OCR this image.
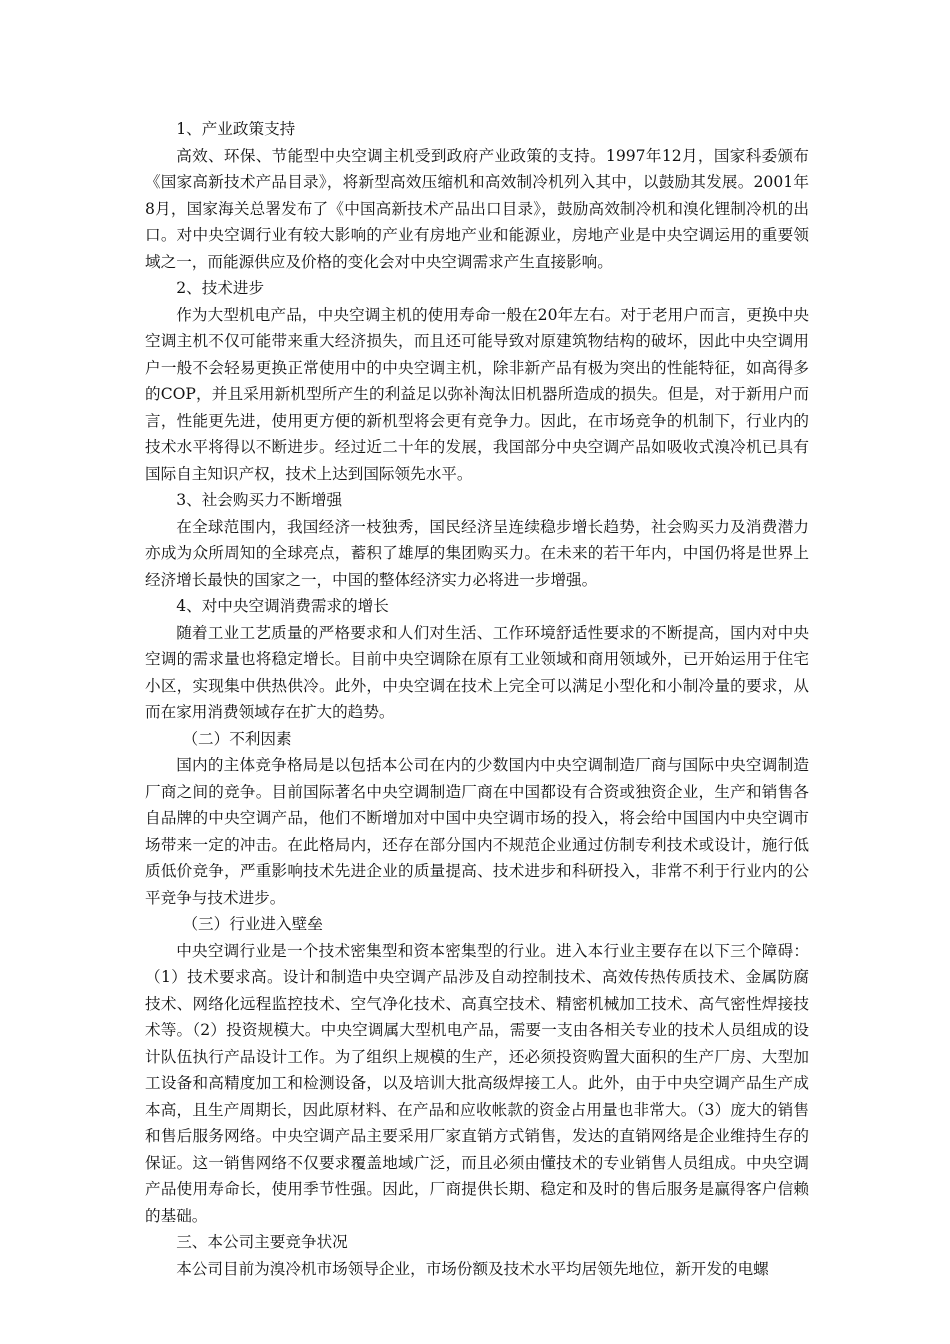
1、产业政策支持

高效、环保、节能型中央空调主机受到政府产业政策的支持。1997年12月，国家科委颁布《国家高新技术产品目录》，将新型高效压缩机和高效制冷机列入其中，以鼓励其发展。2001年8月，国家海关总署发布了《中国高新技术产品出口目录》，鼓励高效制冷机和溴化锂制冷机的出口。对中央空调行业有较大影响的产业有房地产业和能源业，房地产业是中央空调运用的重要领域之一，而能源供应及价格的变化会对中央空调需求产生直接影响。

2、技术进步

作为大型机电产品，中央空调主机的使用寿命一般在20年左右。对于老用户而言，更换中央空调主机不仅可能带来重大经济损失，而且还可能导致对原建筑物结构的破坏，因此中央空调用户一般不会轻易更换正常使用中的中央空调主机，除非新产品有极为突出的性能特征，如高得多的COP，并且采用新机型所产生的利益足以弥补淘汰旧机器所造成的损失。但是，对于新用户而言，性能更先进，使用更方便的新机型将会更有竞争力。因此，在市场竞争的机制下，行业内的技术水平将得以不断进步。经过近二十年的发展，我国部分中央空调产品如吸收式溴冷机已具有国际自主知识产权，技术上达到国际领先水平。

3、社会购买力不断增强

在全球范围内，我国经济一枝独秀，国民经济呈连续稳步增长趋势，社会购买力及消费潜力亦成为众所周知的全球亮点，蓄积了雄厚的集团购买力。在未来的若干年内，中国仍将是世界上经济增长最快的国家之一，中国的整体经济实力必将进一步增强。

4、对中央空调消费需求的增长

随着工业工艺质量的严格要求和人们对生活、工作环境舒适性要求的不断提高，国内对中央空调的需求量也将稳定增长。目前中央空调除在原有工业领域和商用领域外，已开始运用于住宅小区，实现集中供热供冷。此外，中央空调在技术上完全可以满足小型化和小制冷量的要求，从而在家用消费领域存在扩大的趋势。

（二）不利因素

国内的主体竞争格局是以包括本公司在内的少数国内中央空调制造厂商与国际中央空调制造厂商之间的竞争。目前国际著名中央空调制造厂商在中国都设有合资或独资企业，生产和销售各自品牌的中央空调产品，他们不断增加对中国中央空调市场的投入，将会给中国国内中央空调市场带来一定的冲击。在此格局内，还存在部分国内不规范企业通过仿制专利技术或设计，施行低质低价竞争，严重影响技术先进企业的质量提高、技术进步和科研投入，非常不利于行业内的公平竞争与技术进步。

（三）行业进入壁垒

中央空调行业是一个技术密集型和资本密集型的行业。进入本行业主要存在以下三个障碍：（1）技术要求高。设计和制造中央空调产品涉及自动控制技术、高效传热传质技术、金属防腐技术、网络化远程监控技术、空气净化技术、高真空技术、精密机械加工技术、高气密性焊接技术等。（2）投资规模大。中央空调属大型机电产品，需要一支由各相关专业的技术人员组成的设计队伍执行产品设计工作。为了组织上规模的生产，还必须投资购置大面积的生产厂房、大型加工设备和高精度加工和检测设备，以及培训大批高级焊接工人。此外，由于中央空调产品生产成本高，且生产周期长，因此原材料、在产品和应收帐款的资金占用量也非常大。（3）庞大的销售和售后服务网络。中央空调产品主要采用厂家直销方式销售，发达的直销网络是企业维持生存的保证。这一销售网络不仅要求覆盖地域广泛，而且必须由懂技术的专业销售人员组成。中央空调产品使用寿命长，使用季节性强。因此，厂商提供长期、稳定和及时的售后服务是赢得客户信赖的基础。

三、本公司主要竞争状况

本公司目前为溴冷机市场领导企业，市场份额及技术水平均居领先地位，新开发的电螺
